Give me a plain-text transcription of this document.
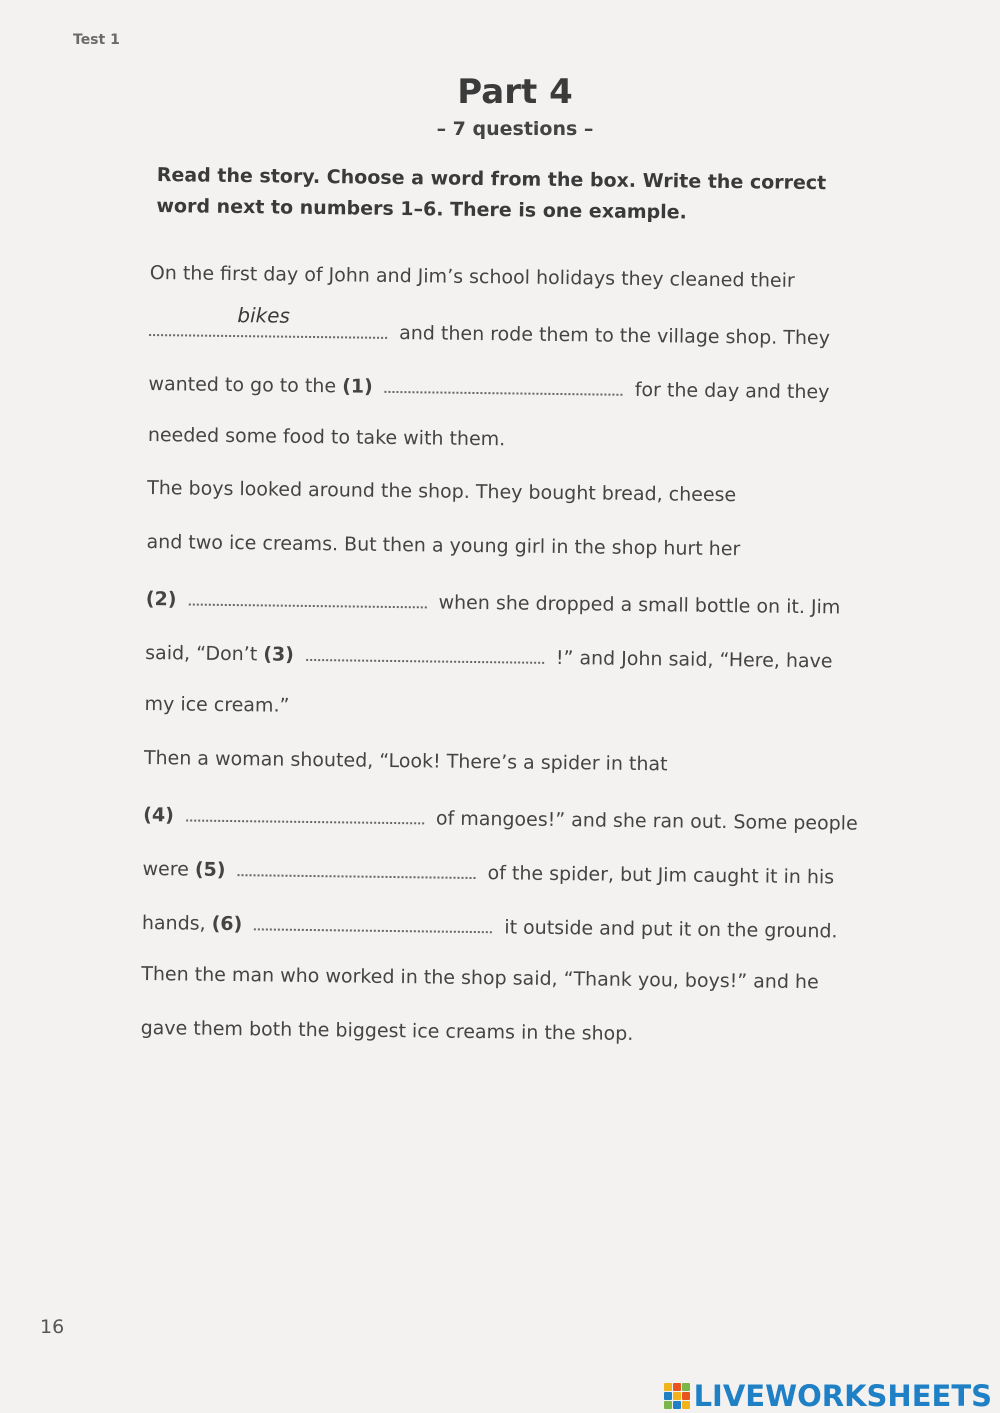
Test 1
Part 4
– 7 questions –
Read the story. Choose a word from the box. Write the correct word next to numbers 1–6. There is one example.
On the first day of John and Jim’s school holidays they cleaned their
bikes
and then rode them to the village shop. They
wanted to go to the (1)	for the day and they
needed some food to take with them.
The boys looked around the shop. They bought bread, cheese
and two ice creams. But then a young girl in the shop hurt her
(2)	when she dropped a small bottle on it. Jim
said, “Don’t (3)	!” and John said, “Here, have
my ice cream.”
Then a woman shouted, “Look! There’s a spider in that
(4)	of mangoes!” and she ran out. Some people
were (5)	of the spider, but Jim caught it in his
hands, (6)	it outside and put it on the ground.
Then the man who worked in the shop said, “Thank you, boys!” and he
gave them both the biggest ice creams in the shop.
16
LIVEWORKSHEETS
